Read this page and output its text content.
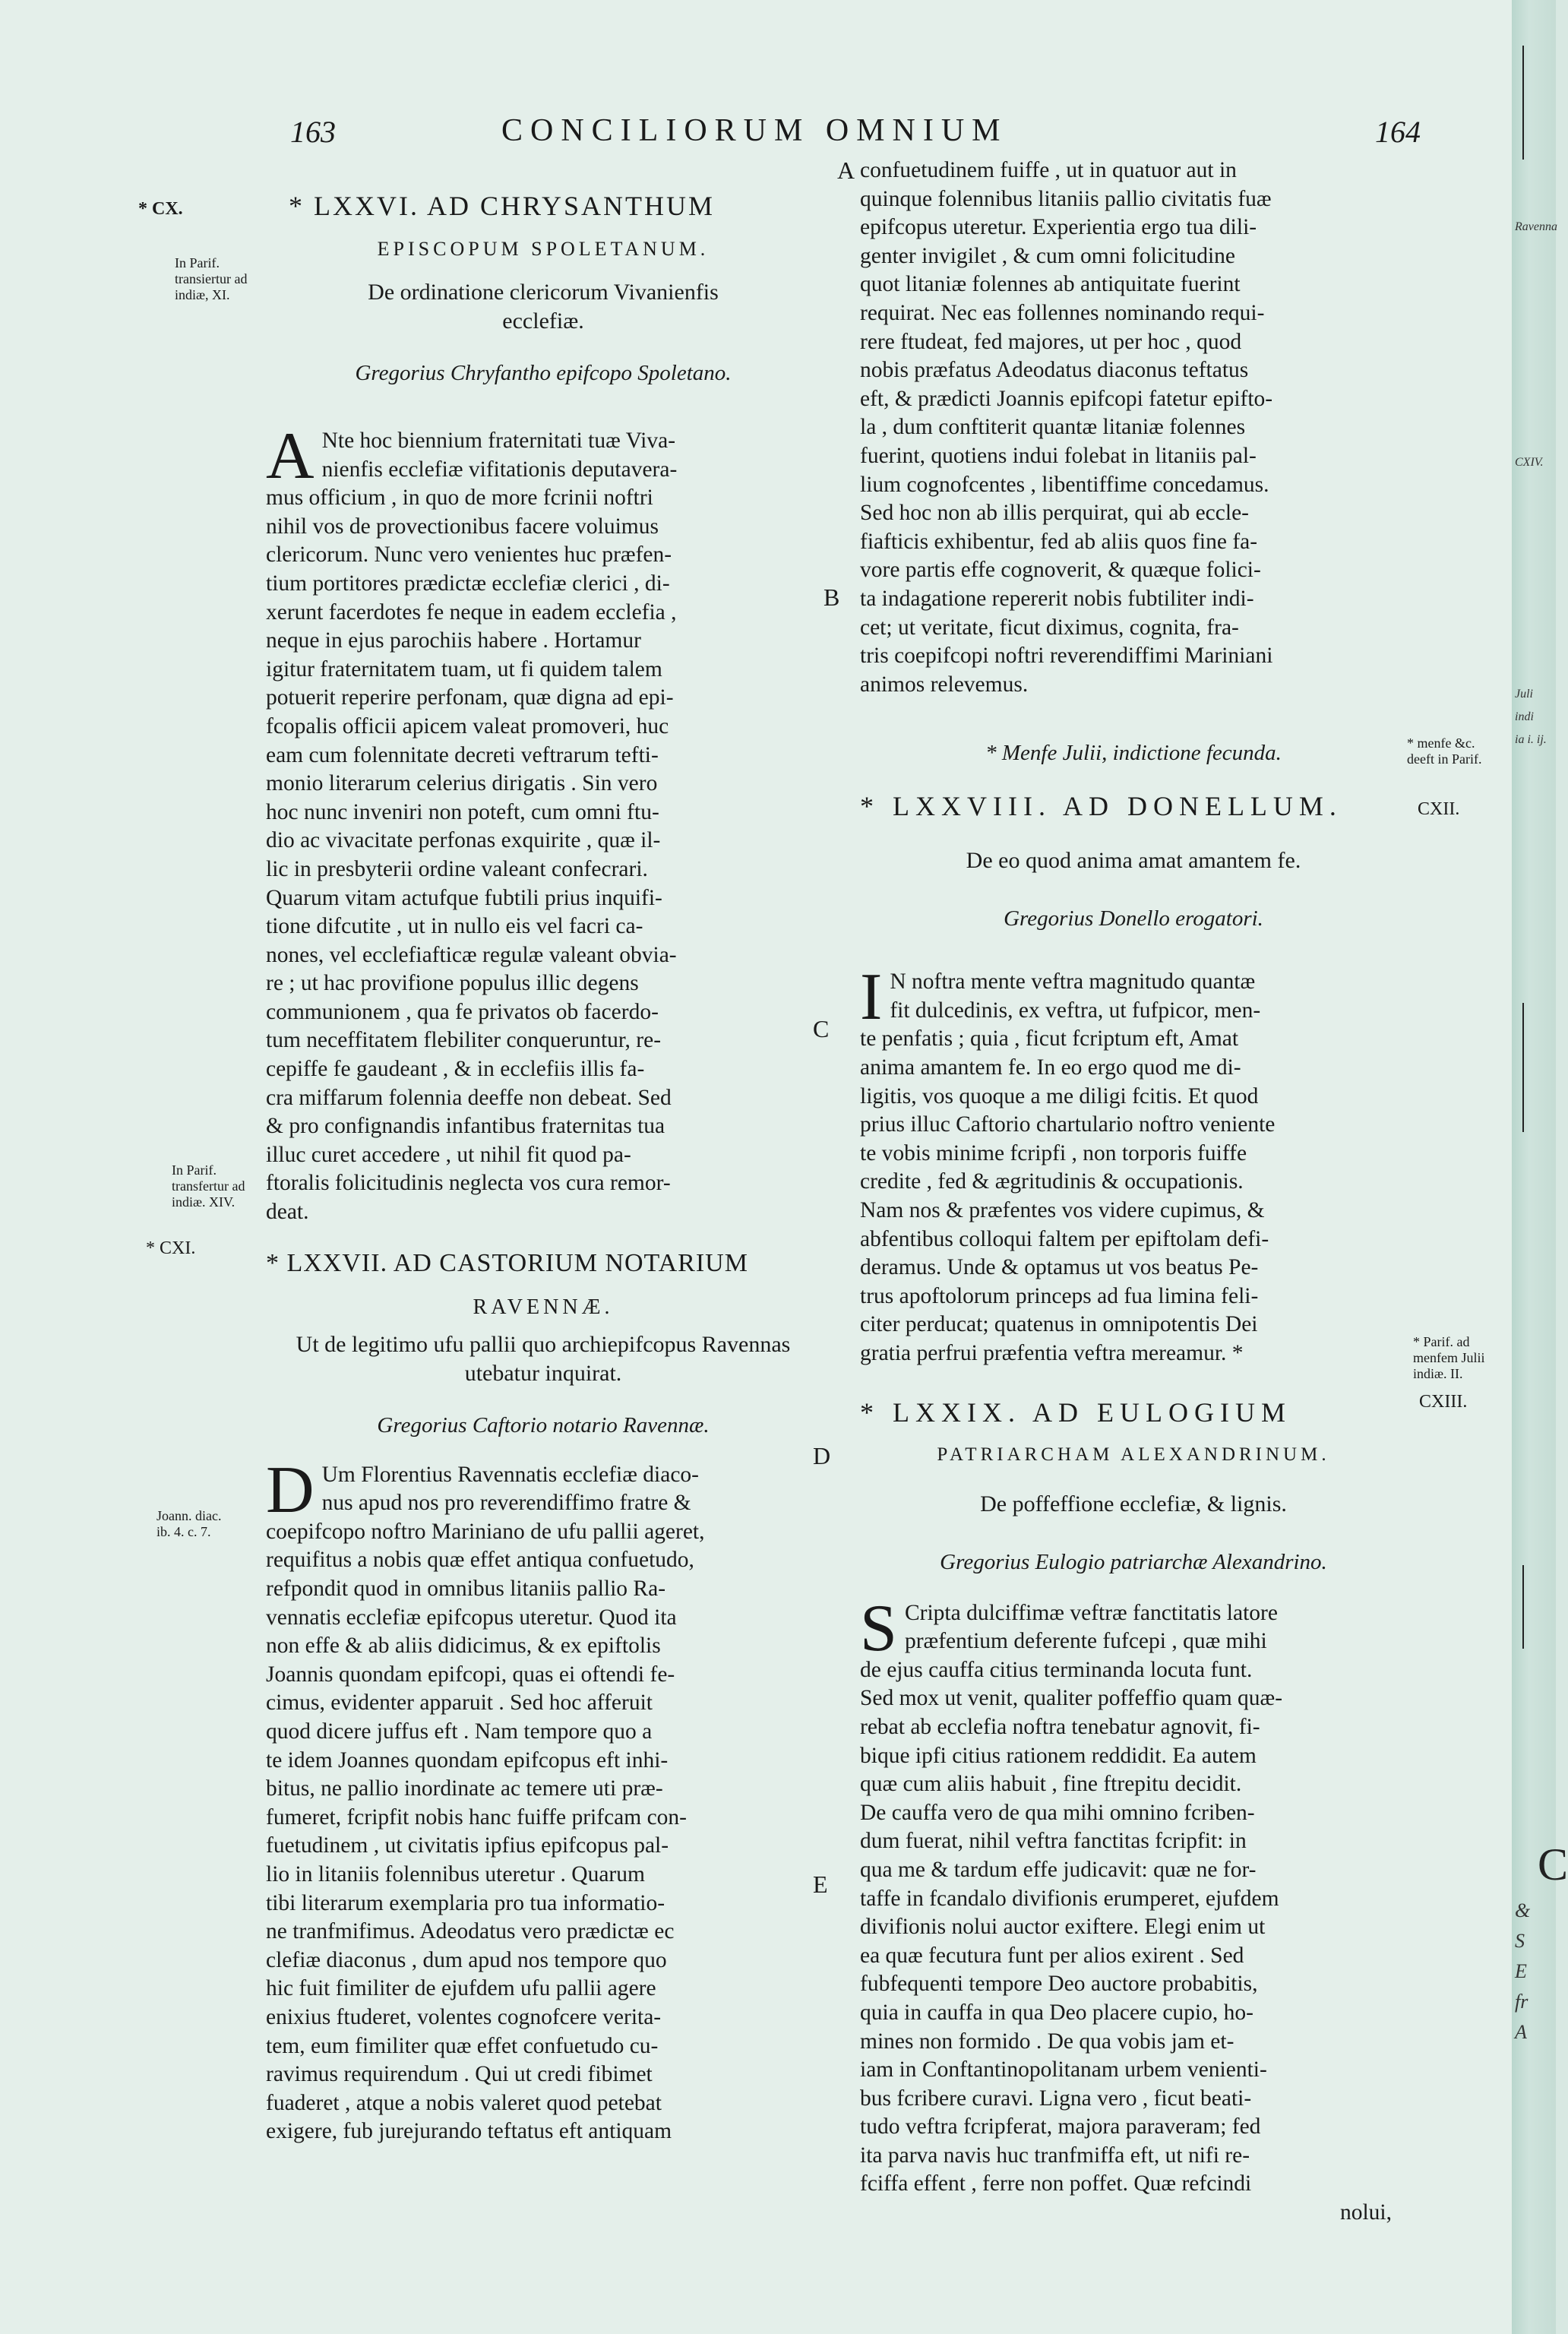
Ravenna
CXIV.
Juli
indi
ia i. ij.
&
S
E
fr
A
163	CONCILIORUM OMNIUM	164
* CX.
In Parif.
transiertur ad
indiæ, XI.
In Parif.
transfertur ad
indiæ. XIV.
* CXI.
Joann. diac.
ib. 4. c. 7.
A
B
C
D
E
* LXXVI. AD CHRYSANTHUM
EPISCOPUM SPOLETANUM.
De ordinatione clericorum Vivanienfis ecclefiæ.
Gregorius Chryfantho epifcopo Spoletano.
A Nte hoc biennium fraternitati tuæ Viva-

nienfis ecclefiæ vifitationis deputavera-

mus officium , in quo de more fcrinii noftri

nihil vos de provectionibus facere voluimus

clericorum. Nunc vero venientes huc præfen-

tium portitores prædictæ ecclefiæ clerici , di-

xerunt facerdotes fe neque in eadem ecclefia ,

neque in ejus parochiis habere . Hortamur

igitur fraternitatem tuam, ut fi quidem talem

potuerit reperire perfonam, quæ digna ad epi-

fcopalis officii apicem valeat promoveri, huc

eam cum folennitate decreti veftrarum tefti-

monio literarum celerius dirigatis . Sin vero

hoc nunc inveniri non poteft, cum omni ftu-

dio ac vivacitate perfonas exquirite , quæ il-

lic in presbyterii ordine valeant confecrari.

Quarum vitam actufque fubtili prius inquifi-

tione difcutite , ut in nullo eis vel facri ca-

nones, vel ecclefiafticæ regulæ valeant obvia-

re ; ut hac provifione populus illic degens

communionem , qua fe privatos ob facerdo-

tum neceffitatem flebiliter conqueruntur, re-

cepiffe fe gaudeant , & in ecclefiis illis fa-

cra miffarum folennia deeffe non debeat. Sed

& pro confignandis infantibus fraternitas tua

illuc curet accedere , ut nihil fit quod pa-

ftoralis folicitudinis neglecta vos cura remor-

deat.

* LXXVII. AD CASTORIUM NOTARIUM
RAVENNÆ.
Ut de legitimo ufu pallii quo archiepifcopus Ravennas utebatur inquirat.
Gregorius Caftorio notario Ravennæ.
D Um Florentius Ravennatis ecclefiæ diaco-

nus apud nos pro reverendiffimo fratre &

coepifcopo noftro Mariniano de ufu pallii ageret,

requifitus a nobis quæ effet antiqua confuetudo,

refpondit quod in omnibus litaniis pallio Ra-

vennatis ecclefiæ epifcopus uteretur. Quod ita

non effe & ab aliis didicimus, & ex epiftolis

Joannis quondam epifcopi, quas ei oftendi fe-

cimus, evidenter apparuit . Sed hoc afferuit

quod dicere juffus eft . Nam tempore quo a

te idem Joannes quondam epifcopus eft inhi-

bitus, ne pallio inordinate ac temere uti præ-

fumeret, fcripfit nobis hanc fuiffe prifcam con-

fuetudinem , ut civitatis ipfius epifcopus pal-

lio in litaniis folennibus uteretur . Quarum

tibi literarum exemplaria pro tua informatio-

ne tranfmifimus. Adeodatus vero prædictæ ec

clefiæ diaconus , dum apud nos tempore quo

hic fuit fimiliter de ejufdem ufu pallii agere

enixius ftuderet, volentes cognofcere verita-

tem, eum fimiliter quæ effet confuetudo cu-

ravimus requirendum . Qui ut credi fibimet

fuaderet , atque a nobis valeret quod petebat

exigere, fub jurejurando teftatus eft antiquam

confuetudinem fuiffe , ut in quatuor aut in

quinque folennibus litaniis pallio civitatis fuæ

epifcopus uteretur. Experientia ergo tua dili-

genter invigilet , & cum omni folicitudine

quot litaniæ folennes ab antiquitate fuerint

requirat. Nec eas follennes nominando requi-

rere ftudeat, fed majores, ut per hoc , quod

nobis præfatus Adeodatus diaconus teftatus

eft, & prædicti Joannis epifcopi fatetur epifto-

la , dum conftiterit quantæ litaniæ folennes

fuerint, quotiens indui folebat in litaniis pal-

lium cognofcentes , libentiffime concedamus.

Sed hoc non ab illis perquirat, qui ab eccle-

fiafticis exhibentur, fed ab aliis quos fine fa-

vore partis effe cognoverit, & quæque folici-

ta indagatione repererit nobis fubtiliter indi-

cet; ut veritate, ficut diximus, cognita, fra-

tris coepifcopi noftri reverendiffimi Mariniani

animos relevemus.

* Menfe Julii, indictione fecunda.
* LXXVIII. AD DONELLUM.
De eo quod anima amat amantem fe.
Gregorius Donello erogatori.
I N noftra mente veftra magnitudo quantæ

fit dulcedinis, ex veftra, ut fufpicor, men-

te penfatis ; quia , ficut fcriptum eft, Amat

anima amantem fe. In eo ergo quod me di-

ligitis, vos quoque a me diligi fcitis. Et quod

prius illuc Caftorio chartulario noftro veniente

te vobis minime fcripfi , non torporis fuiffe

credite , fed & ægritudinis & occupationis.

Nam nos & præfentes vos videre cupimus, &

abfentibus colloqui faltem per epiftolam defi-

deramus. Unde & optamus ut vos beatus Pe-

trus apoftolorum princeps ad fua limina feli-

citer perducat; quatenus in omnipotentis Dei

gratia perfrui præfentia veftra mereamur. *

* LXXIX. AD EULOGIUM
PATRIARCHAM ALEXANDRINUM.
De poffeffione ecclefiæ, & lignis.
Gregorius Eulogio patriarchæ Alexandrino.
S Cripta dulciffimæ veftræ fanctitatis latore

præfentium deferente fufcepi , quæ mihi

de ejus cauffa citius terminanda locuta funt.

Sed mox ut venit, qualiter poffeffio quam quæ-

rebat ab ecclefia noftra tenebatur agnovit, fi-

bique ipfi citius rationem reddidit. Ea autem

quæ cum aliis habuit , fine ftrepitu decidit.

De cauffa vero de qua mihi omnino fcriben-

dum fuerat, nihil veftra fanctitas fcripfit: in

qua me & tardum effe judicavit: quæ ne for-

taffe in fcandalo divifionis erumperet, ejufdem

divifionis nolui auctor exiftere. Elegi enim ut

ea quæ fecutura funt per alios exirent . Sed

fubfequenti tempore Deo auctore probabitis,

quia in cauffa in qua Deo placere cupio, ho-

mines non formido . De qua vobis jam et-

iam in Conftantinopolitanam urbem venienti-

bus fcribere curavi. Ligna vero , ficut beati-

tudo veftra fcripferat, majora paraveram; fed

ita parva navis huc tranfmiffa eft, ut nifi re-

fciffa effent , ferre non poffet. Quæ refcindi

nolui,
* menfe &c.
deeft in Parif.
CXII.
* Parif. ad
menfem Julii
indiæ. II.
CXIII.
C
